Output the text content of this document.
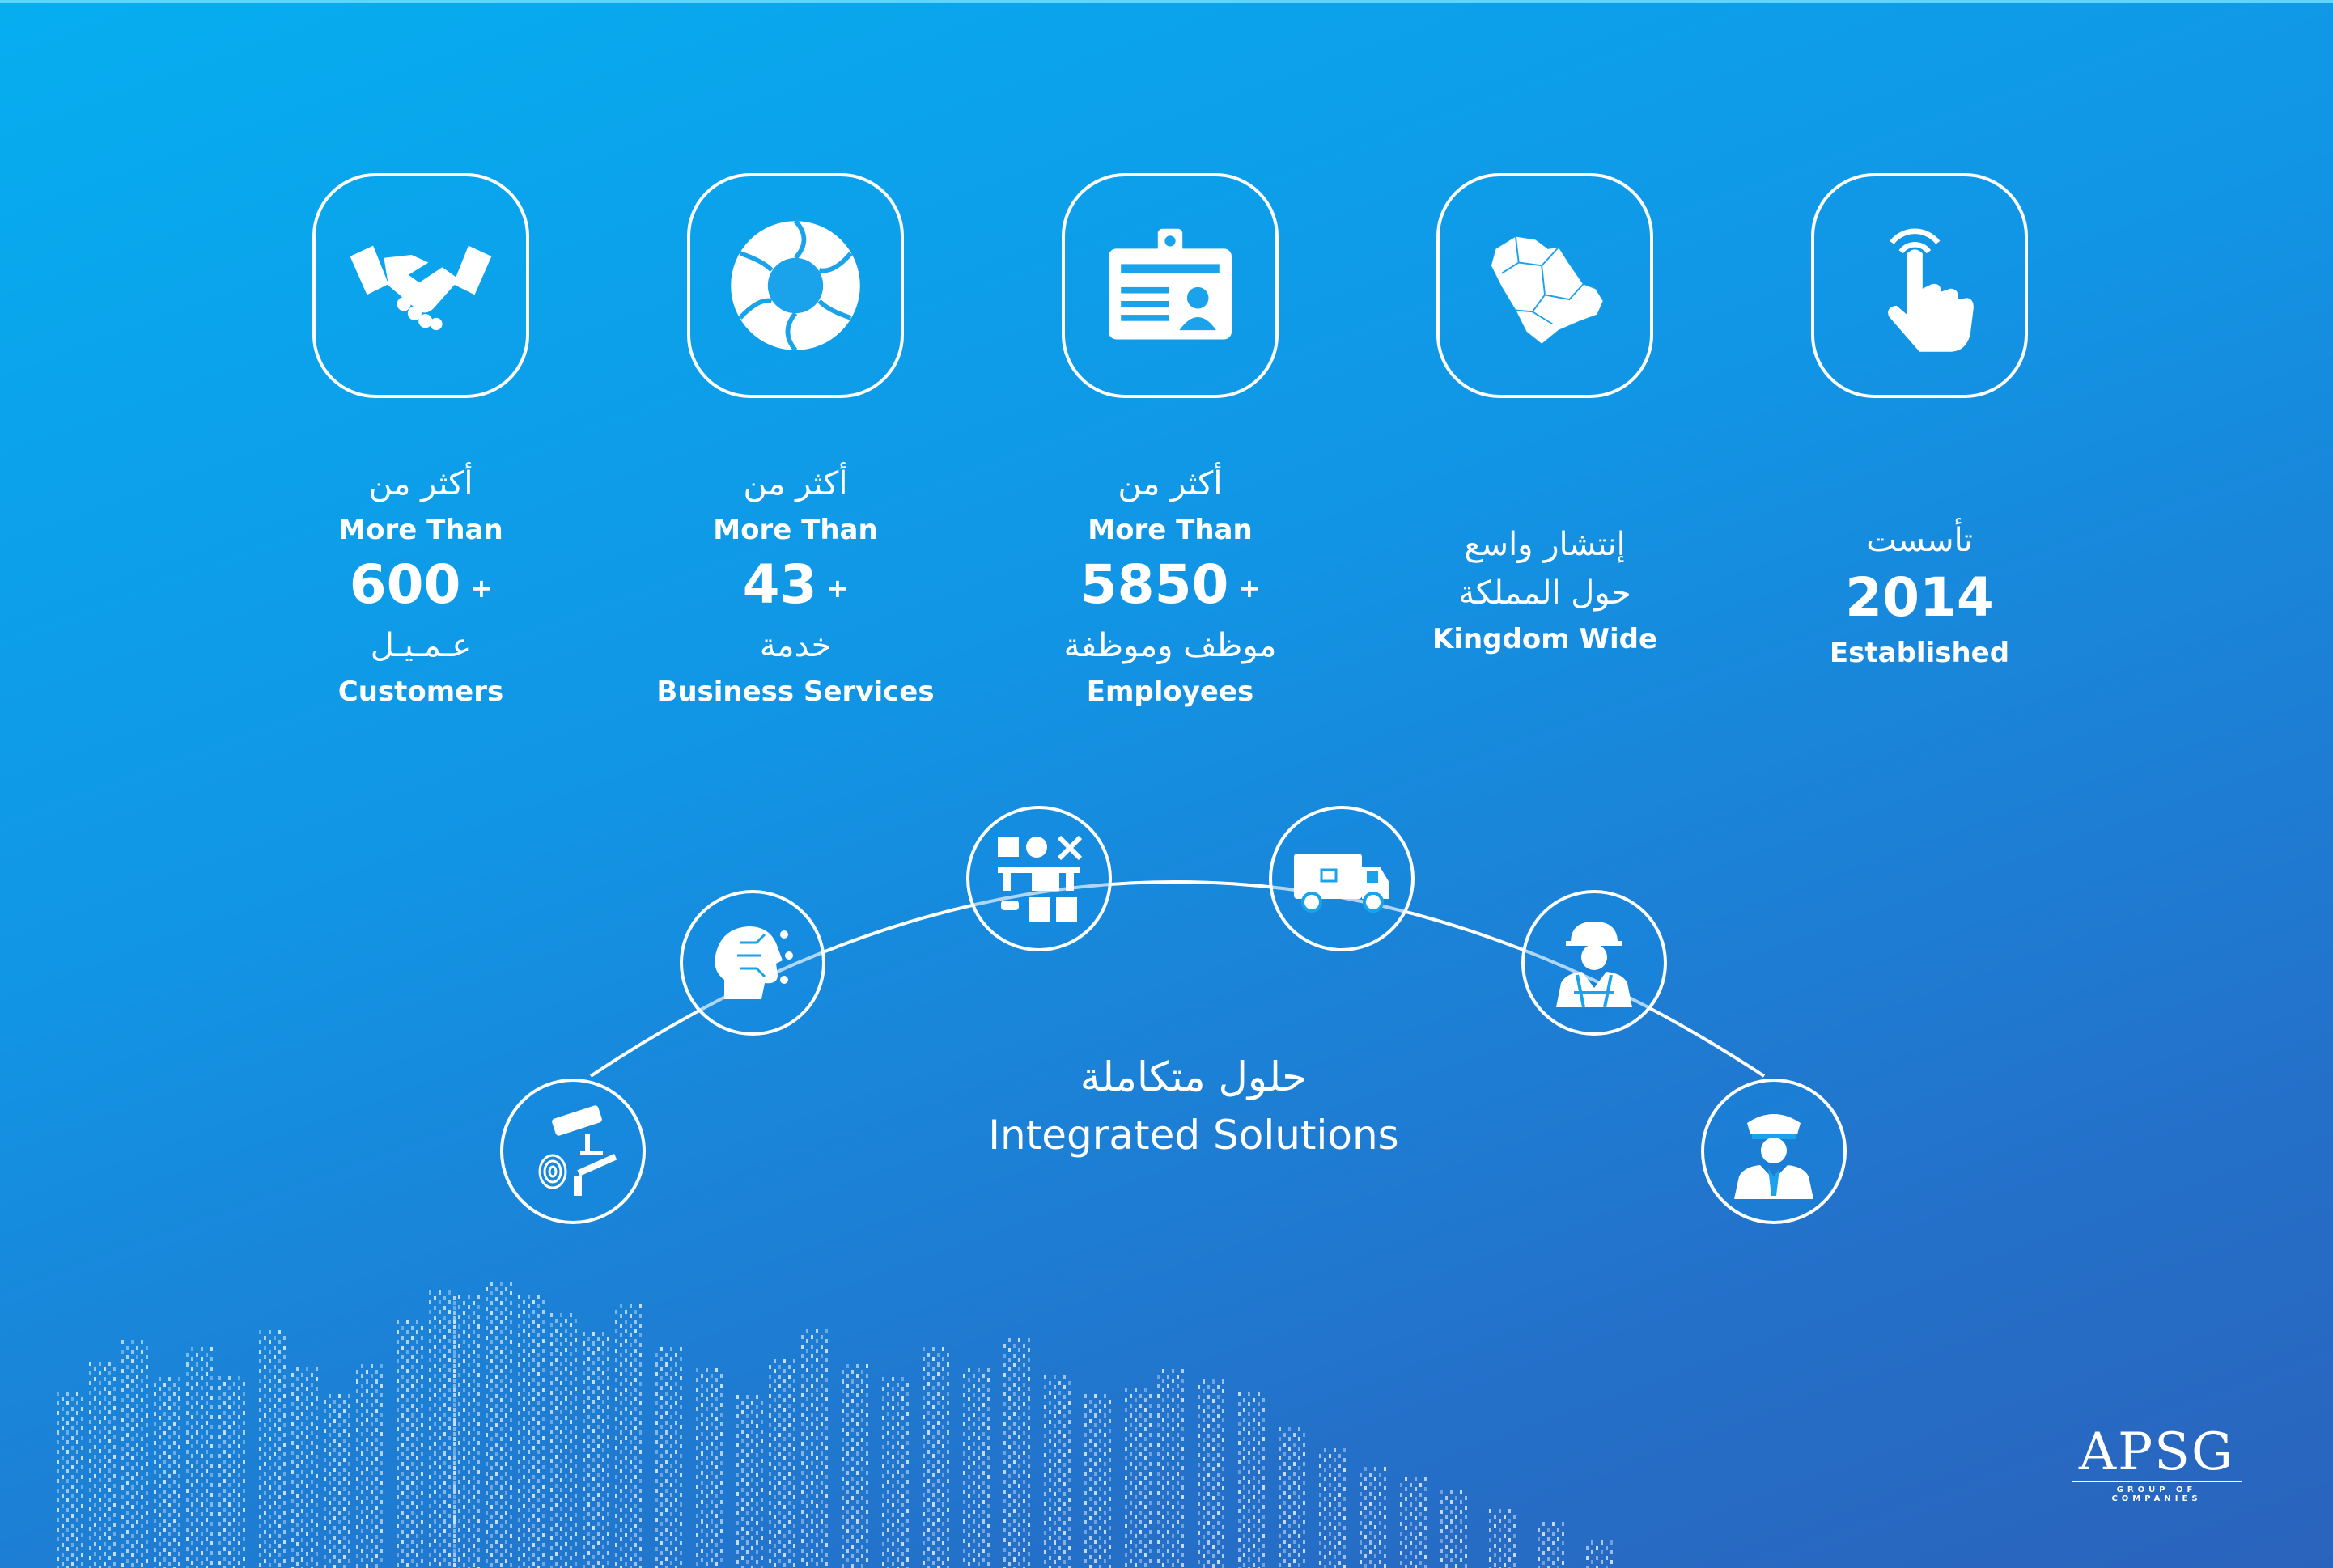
أكثر من
More Than
600 +
عـمـيـل
Customers
أكثر من
More Than
43 +
خدمة
Business Services
أكثر من
More Than
5850 +
موظف وموظفة
Employees
إنتشار واسع
حول المملكة
Kingdom Wide
تأسست
2014
Established
حلول متكاملة
Integrated Solutions
APSG
GROUP OF COMPANIES
